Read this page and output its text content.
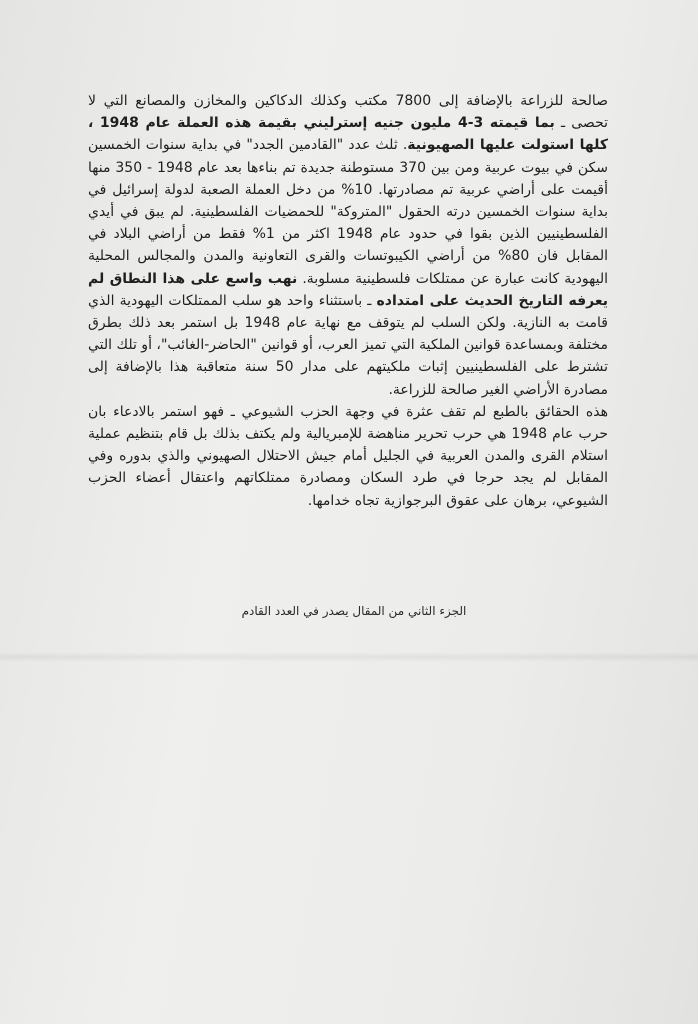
صالحة للزراعة بالإضافة إلى 7800 مكتب وكذلك الدكاكين والمخازن والمصانع التي لا تحصى ـ بما قيمته 3-4 مليون جنيه إسترليني بقيمة هذه العملة عام 1948 ، كلها استولت عليها الصهيونية. ثلث عدد "القادمين الجدد" في بداية سنوات الخمسين سكن في بيوت عربية ومن بين 370 مستوطنة جديدة تم بناءها بعد عام 1948 - 350 منها أقيمت على أراضي عربية تم مصادرتها. 10% من دخل العملة الصعبة لدولة إسرائيل في بداية سنوات الخمسين درته الحقول "المتروكة" للحمضيات الفلسطينية. لم يبق في أيدي الفلسطينيين الذين بقوا في حدود عام 1948 اكثر من 1% فقط من أراضي البلاد في المقابل فان 80% من أراضي الكيبوتسات والقرى التعاونية والمدن والمجالس المحلية اليهودية كانت عبارة عن ممتلكات فلسطينية مسلوبة. نهب واسع على هذا النطاق لم يعرفه التاريخ الحديث على امتداده ـ باستثناء واحد هو سلب الممتلكات اليهودية الذي قامت به النازية. ولكن السلب لم يتوقف مع نهاية عام 1948 بل استمر بعد ذلك بطرق مختلفة وبمساعدة قوانين الملكية التي تميز العرب، أو قوانين "الحاضر-الغائب"، أو تلك التي تشترط على الفلسطينيين إثبات ملكيتهم على مدار 50 سنة متعاقبة هذا بالإضافة إلى مصادرة الأراضي الغير صالحة للزراعة.

هذه الحقائق بالطبع لم تقف عثرة في وجهة الحزب الشيوعي ـ فهو استمر بالادعاء بان حرب عام 1948 هي حرب تحرير مناهضة للإمبريالية ولم يكتف بذلك بل قام بتنظيم عملية استلام القرى والمدن العربية في الجليل أمام جيش الاحتلال الصهيوني والذي بدوره وفي المقابل لم يجد حرجا في طرد السكان ومصادرة ممتلكاتهم واعتقال أعضاء الحزب الشيوعي، برهان على عقوق البرجوازية تجاه خدامها.

الجزء الثاني من المقال يصدر في العدد القادم
